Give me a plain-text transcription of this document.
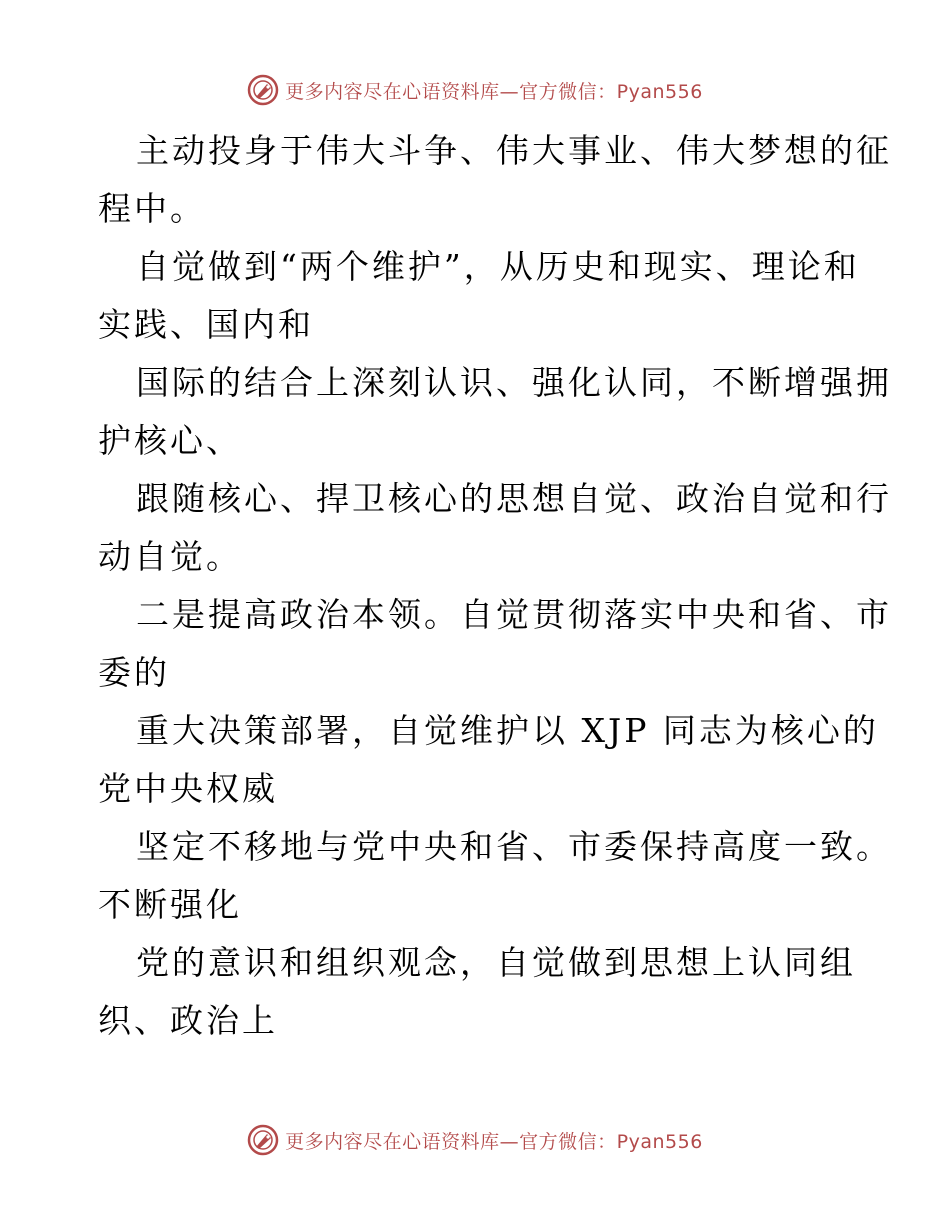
更多内容尽在心语资料库—官方微信：Pyan556
主动投身于伟大斗争、伟大事业、伟大梦想的征
程中。
自觉做到“两个维护”，从历史和现实、理论和
实践、国内和
国际的结合上深刻认识、强化认同，不断增强拥
护核心、
跟随核心、捍卫核心的思想自觉、政治自觉和行
动自觉。
二是提高政治本领。自觉贯彻落实中央和省、市
委的
重大决策部署，自觉维护以 XJP 同志为核心的
党中央权威
坚定不移地与党中央和省、市委保持高度一致。
不断强化
党的意识和组织观念，自觉做到思想上认同组
织、政治上
更多内容尽在心语资料库—官方微信：Pyan556
